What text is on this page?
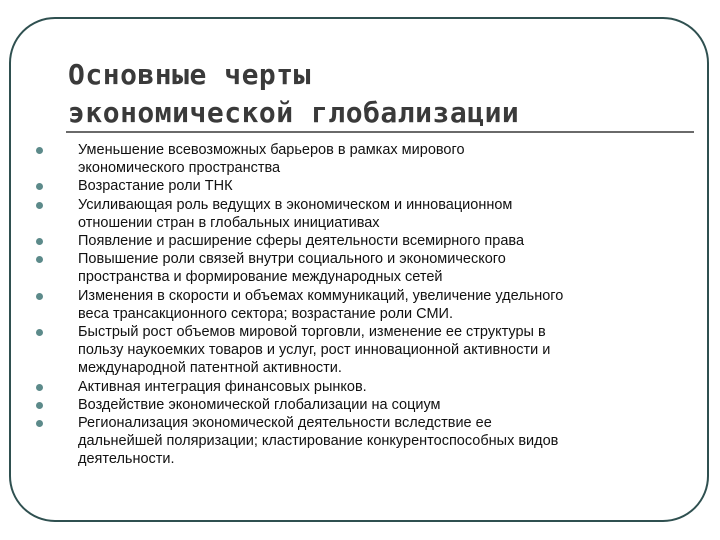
Основные черты
экономической глобализации
Уменьшение всевозможных барьеров в рамках мирового
экономического пространства
Возрастание роли ТНК
Усиливающая роль ведущих в экономическом и инновационном
отношении стран в глобальных инициативах
Появление и расширение сферы деятельности всемирного права
Повышение роли связей внутри социального и экономического
пространства и формирование международных сетей
Изменения в скорости и объемах коммуникаций, увеличение удельного
веса трансакционного сектора; возрастание роли СМИ.
Быстрый рост объемов мировой торговли, изменение ее структуры в
пользу наукоемких товаров и услуг, рост инновационной активности и
международной патентной активности.
Активная интеграция финансовых рынков.
Воздействие экономической глобализации на социум
Регионализация экономической деятельности вследствие ее
дальнейшей поляризации; кластирование конкурентоспособных видов
деятельности.
